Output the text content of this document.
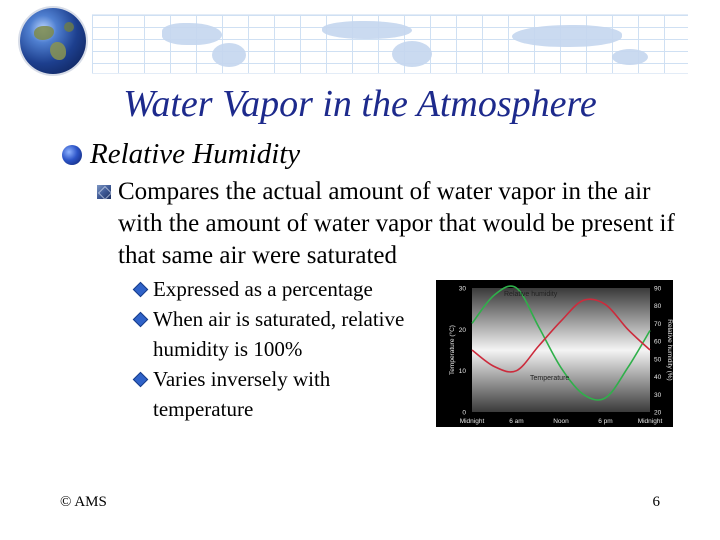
Water Vapor in the Atmosphere
Relative Humidity
Compares the actual amount of water vapor in the air with the amount of water vapor that would be present if that same air were saturated
Expressed as a percentage
When air is saturated, relative humidity is 100%
Varies inversely with temperature
Relative humidity
Temperature
0
10
20
30	90
80
70
60
50
40
30
20
Midnight	6 am	Noon	6 pm	Midnight
Temperature (°C)	Relative humidity (%)
© AMS	6
